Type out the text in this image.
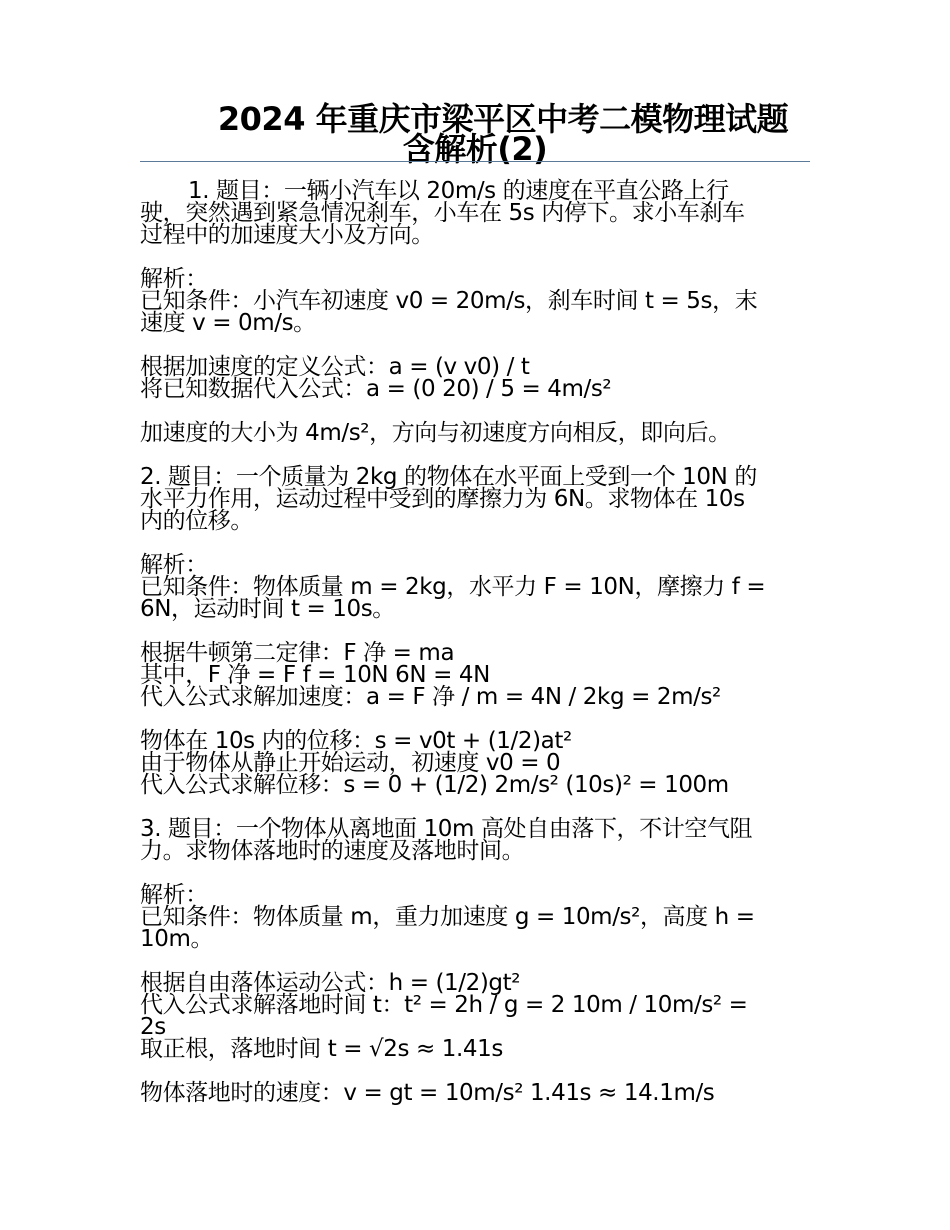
2024 年重庆市梁平区中考二模物理试题
含解析(2)

1. 题目：一辆小汽车以 20m/s 的速度在平直公路上行
驶，突然遇到紧急情况刹车，小车在 5s 内停下。求小车刹车
过程中的加速度大小及方向。

解析：
已知条件：小汽车初速度 v0 = 20m/s，刹车时间 t = 5s，末
速度 v = 0m/s。

根据加速度的定义公式：a = (v v0) / t
将已知数据代入公式：a = (0 20) / 5 = 4m/s²

加速度的大小为 4m/s²，方向与初速度方向相反，即向后。

2. 题目：一个质量为 2kg 的物体在水平面上受到一个 10N 的
水平力作用，运动过程中受到的摩擦力为 6N。求物体在 10s
内的位移。

解析：
已知条件：物体质量 m = 2kg，水平力 F = 10N，摩擦力 f =
6N，运动时间 t = 10s。

根据牛顿第二定律：F 净 = ma
其中，F 净 = F f = 10N 6N = 4N
代入公式求解加速度：a = F 净 / m = 4N / 2kg = 2m/s²

物体在 10s 内的位移：s = v0t + (1/2)at²
由于物体从静止开始运动，初速度 v0 = 0
代入公式求解位移：s = 0 + (1/2) 2m/s² (10s)² = 100m

3. 题目：一个物体从离地面 10m 高处自由落下，不计空气阻
力。求物体落地时的速度及落地时间。

解析：
已知条件：物体质量 m，重力加速度 g = 10m/s²，高度 h =
10m。

根据自由落体运动公式：h = (1/2)gt²
代入公式求解落地时间 t：t² = 2h / g = 2 10m / 10m/s² =
2s
取正根，落地时间 t = √2s ≈ 1.41s

物体落地时的速度：v = gt = 10m/s² 1.41s ≈ 14.1m/s
